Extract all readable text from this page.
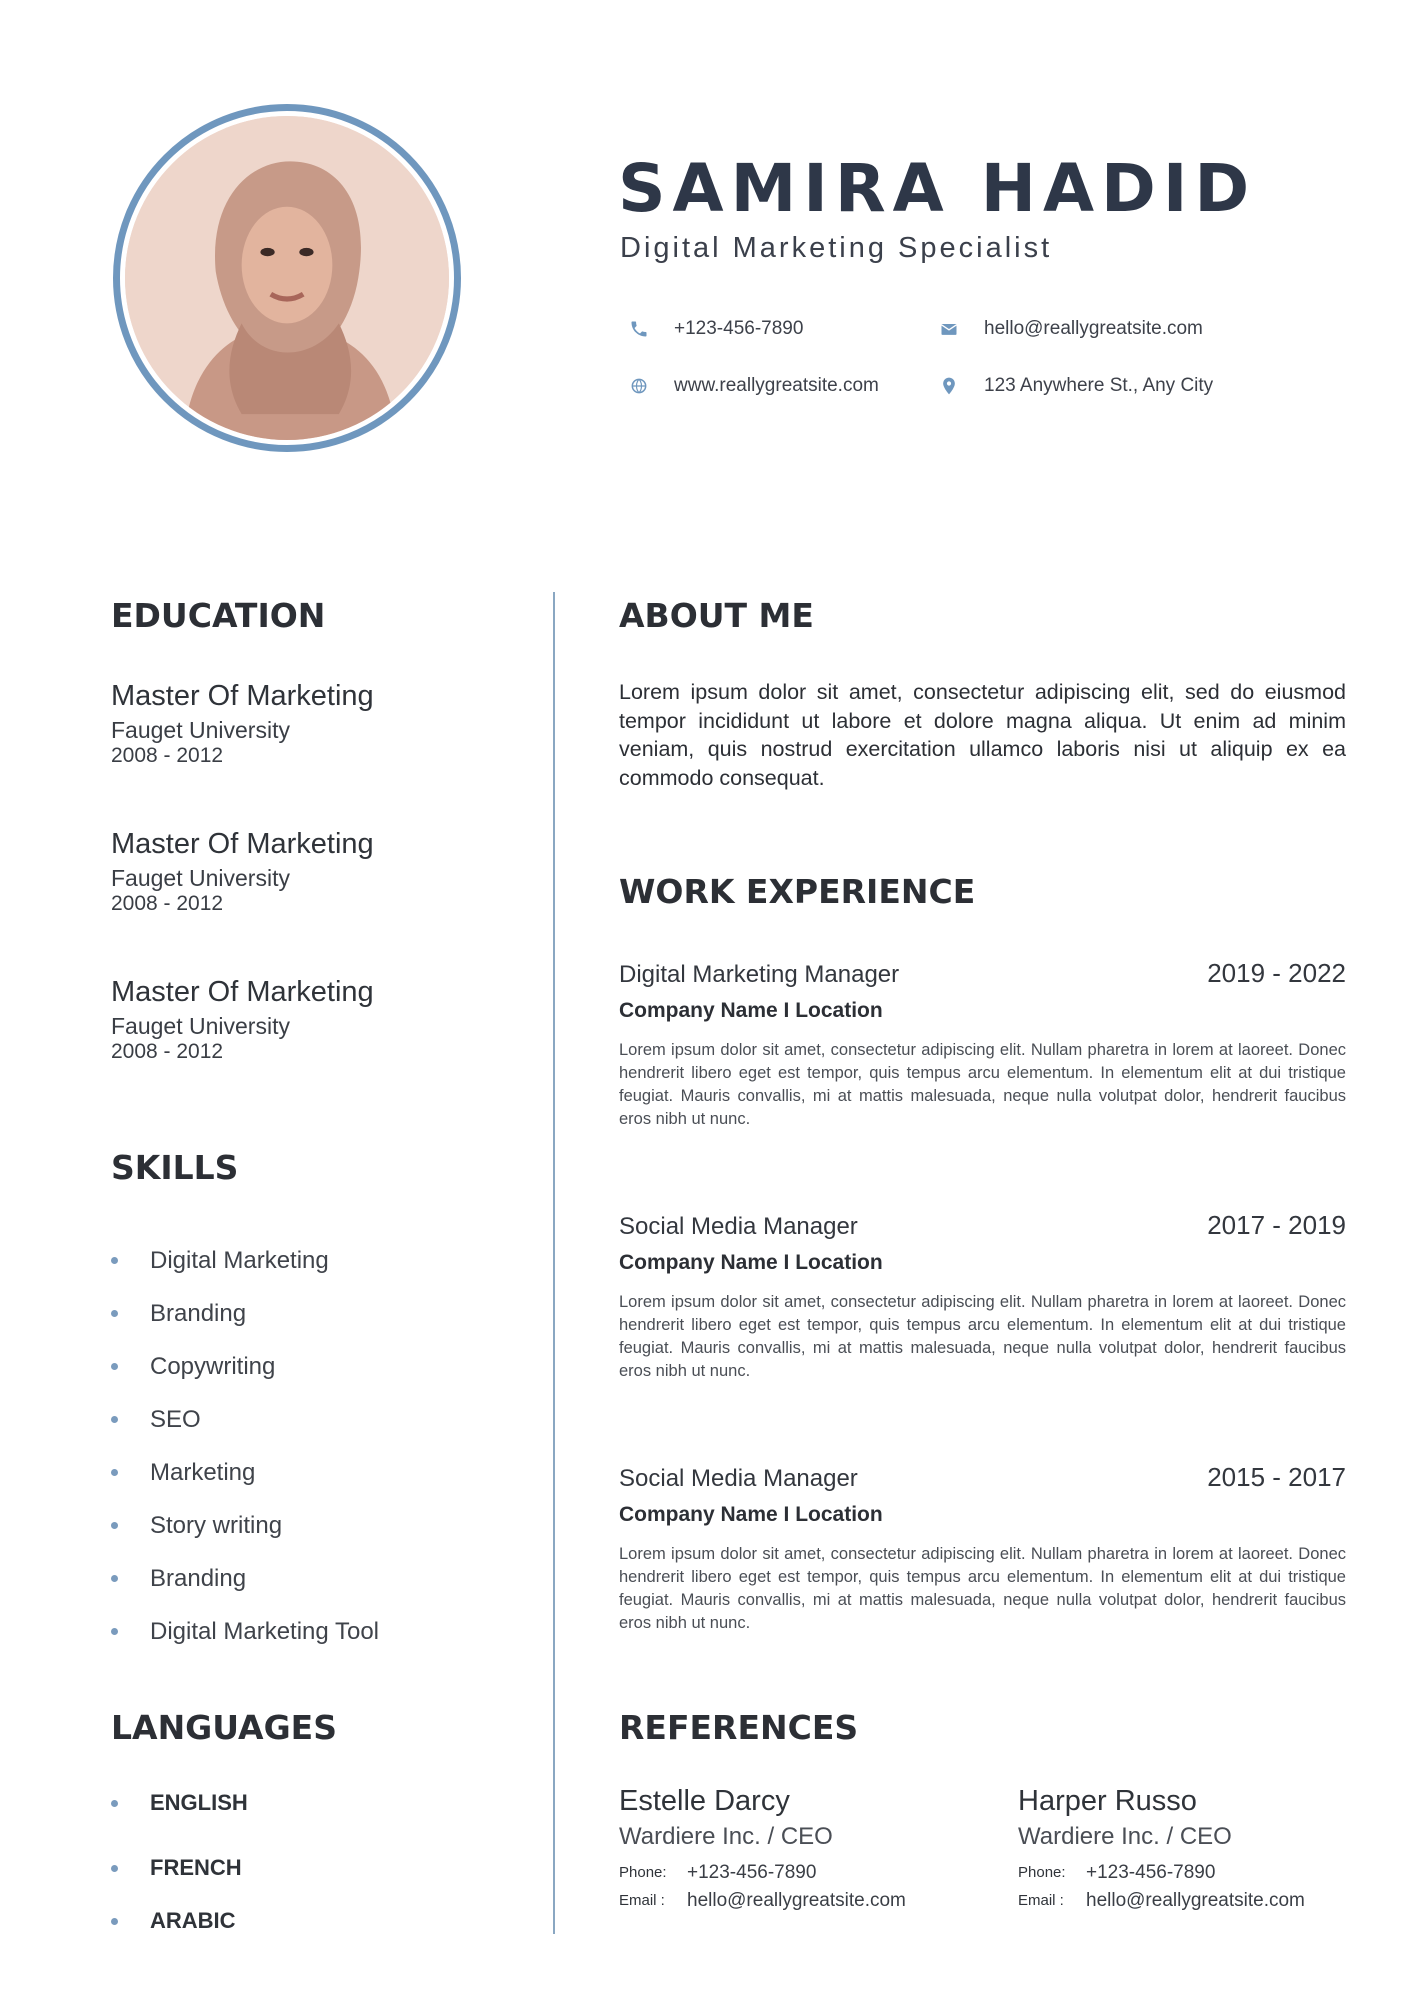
SAMIRA HADID
Digital Marketing Specialist
+123-456-7890	hello@reallygreatsite.com
www.reallygreatsite.com	123 Anywhere St., Any City
EDUCATION
Master Of Marketing
Fauget University
2008 - 2012
Master Of Marketing
Fauget University
2008 - 2012
Master Of Marketing
Fauget University
2008 - 2012
SKILLS
Digital Marketing
Branding
Copywriting
SEO
Marketing
Story writing
Branding
Digital Marketing Tool
LANGUAGES
ENGLISH
FRENCH
ARABIC
ABOUT ME

Lorem ipsum dolor sit amet, consectetur adipiscing elit, sed do eiusmod tempor incididunt ut labore et dolore magna aliqua. Ut enim ad minim veniam, quis nostrud exercitation ullamco laboris nisi ut aliquip ex ea commodo consequat.

WORK EXPERIENCE
Digital Marketing Manager	2019 - 2022
Company Name I Location

Lorem ipsum dolor sit amet, consectetur adipiscing elit. Nullam pharetra in lorem at laoreet. Donec hendrerit libero eget est tempor, quis tempus arcu elementum. In elementum elit at dui tristique feugiat. Mauris convallis, mi at mattis malesuada, neque nulla volutpat dolor, hendrerit faucibus eros nibh ut nunc.

Social Media Manager	2017 - 2019
Company Name I Location

Lorem ipsum dolor sit amet, consectetur adipiscing elit. Nullam pharetra in lorem at laoreet. Donec hendrerit libero eget est tempor, quis tempus arcu elementum. In elementum elit at dui tristique feugiat. Mauris convallis, mi at mattis malesuada, neque nulla volutpat dolor, hendrerit faucibus eros nibh ut nunc.

Social Media Manager	2015 - 2017
Company Name I Location

Lorem ipsum dolor sit amet, consectetur adipiscing elit. Nullam pharetra in lorem at laoreet. Donec hendrerit libero eget est tempor, quis tempus arcu elementum. In elementum elit at dui tristique feugiat. Mauris convallis, mi at mattis malesuada, neque nulla volutpat dolor, hendrerit faucibus eros nibh ut nunc.

REFERENCES
Estelle Darcy
Wardiere Inc. / CEO
Phone:	+123-456-7890
Email :	hello@reallygreatsite.com
Harper Russo
Wardiere Inc. / CEO
Phone:	+123-456-7890
Email :	hello@reallygreatsite.com
